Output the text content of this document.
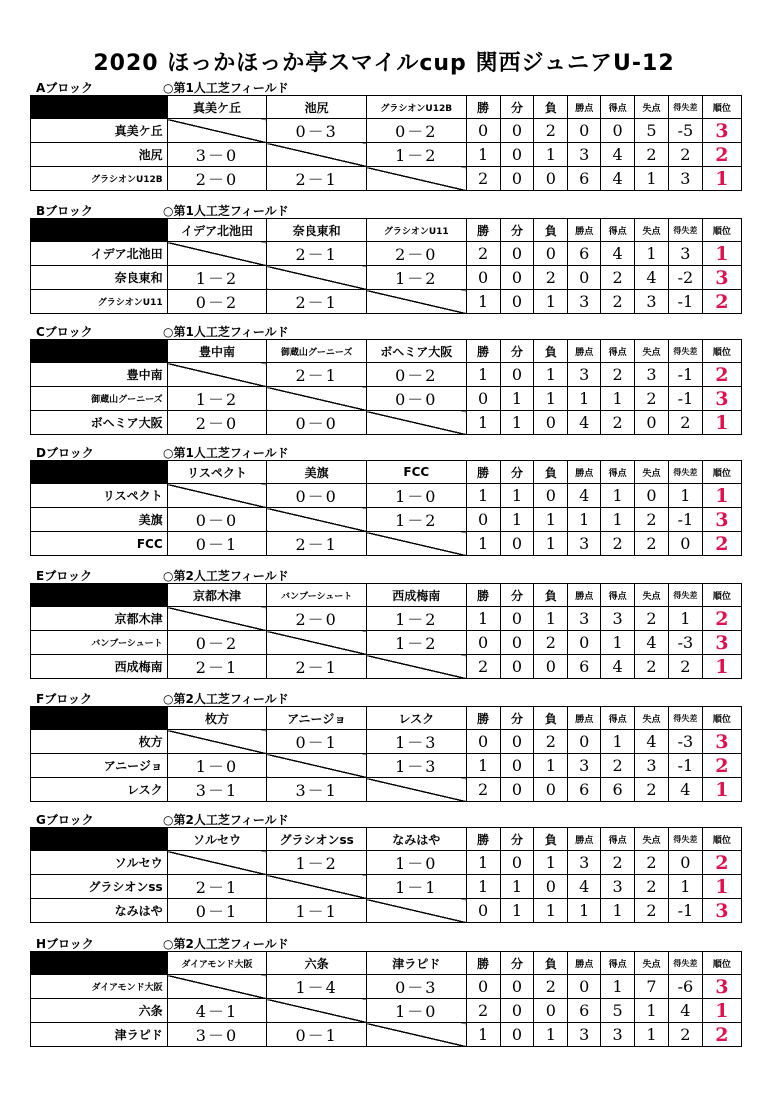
2020 ほっかほっか亭スマイルcup 関西ジュニアU-12
Aブロック	○第1人工芝フィールド
	真美ケ丘	池尻	グラシオンU12B	勝	分	負	勝点	得点	失点	得失差	順位
真美ケ丘		0－3	0－2	0	0	2	0	0	5	-5	3
池尻	3－0		1－2	1	0	1	3	4	2	2	2
グラシオンU12B	2－0	2－1		2	0	0	6	4	1	3	1
Bブロック	○第1人工芝フィールド
	イデア北池田	奈良東和	グラシオンU11	勝	分	負	勝点	得点	失点	得失差	順位
イデア北池田		2－1	2－0	2	0	0	6	4	1	3	1
奈良東和	1－2		1－2	0	0	2	0	2	4	-2	3
グラシオンU11	0－2	2－1		1	0	1	3	2	3	-1	2
Cブロック	○第1人工芝フィールド
	豊中南	御蔵山グーニーズ	ボヘミア大阪	勝	分	負	勝点	得点	失点	得失差	順位
豊中南		2－1	0－2	1	0	1	3	2	3	-1	2
御蔵山グーニーズ	1－2		0－0	0	1	1	1	1	2	-1	3
ボヘミア大阪	2－0	0－0		1	1	0	4	2	0	2	1
Dブロック	○第1人工芝フィールド
	リスペクト	美旗	FCC	勝	分	負	勝点	得点	失点	得失差	順位
リスペクト		0－0	1－0	1	1	0	4	1	0	1	1
美旗	0－0		1－2	0	1	1	1	1	2	-1	3
FCC	0－1	2－1		1	0	1	3	2	2	0	2
Eブロック	○第2人工芝フィールド
	京都木津	バンブーシュート	西成梅南	勝	分	負	勝点	得点	失点	得失差	順位
京都木津		2－0	1－2	1	0	1	3	3	2	1	2
バンブーシュート	0－2		1－2	0	0	2	0	1	4	-3	3
西成梅南	2－1	2－1		2	0	0	6	4	2	2	1
Fブロック	○第2人工芝フィールド
	枚方	アニージョ	レスク	勝	分	負	勝点	得点	失点	得失差	順位
枚方		0－1	1－3	0	0	2	0	1	4	-3	3
アニージョ	1－0		1－3	1	0	1	3	2	3	-1	2
レスク	3－1	3－1		2	0	0	6	6	2	4	1
Gブロック	○第2人工芝フィールド
	ソルセウ	グラシオンss	なみはや	勝	分	負	勝点	得点	失点	得失差	順位
ソルセウ		1－2	1－0	1	0	1	3	2	2	0	2
グラシオンss	2－1		1－1	1	1	0	4	3	2	1	1
なみはや	0－1	1－1		0	1	1	1	1	2	-1	3
Hブロック	○第2人工芝フィールド
	ダイアモンド大阪	六条	津ラピド	勝	分	負	勝点	得点	失点	得失差	順位
ダイアモンド大阪		1－4	0－3	0	0	2	0	1	7	-6	3
六条	4－1		1－0	2	0	0	6	5	1	4	1
津ラピド	3－0	0－1		1	0	1	3	3	1	2	2
